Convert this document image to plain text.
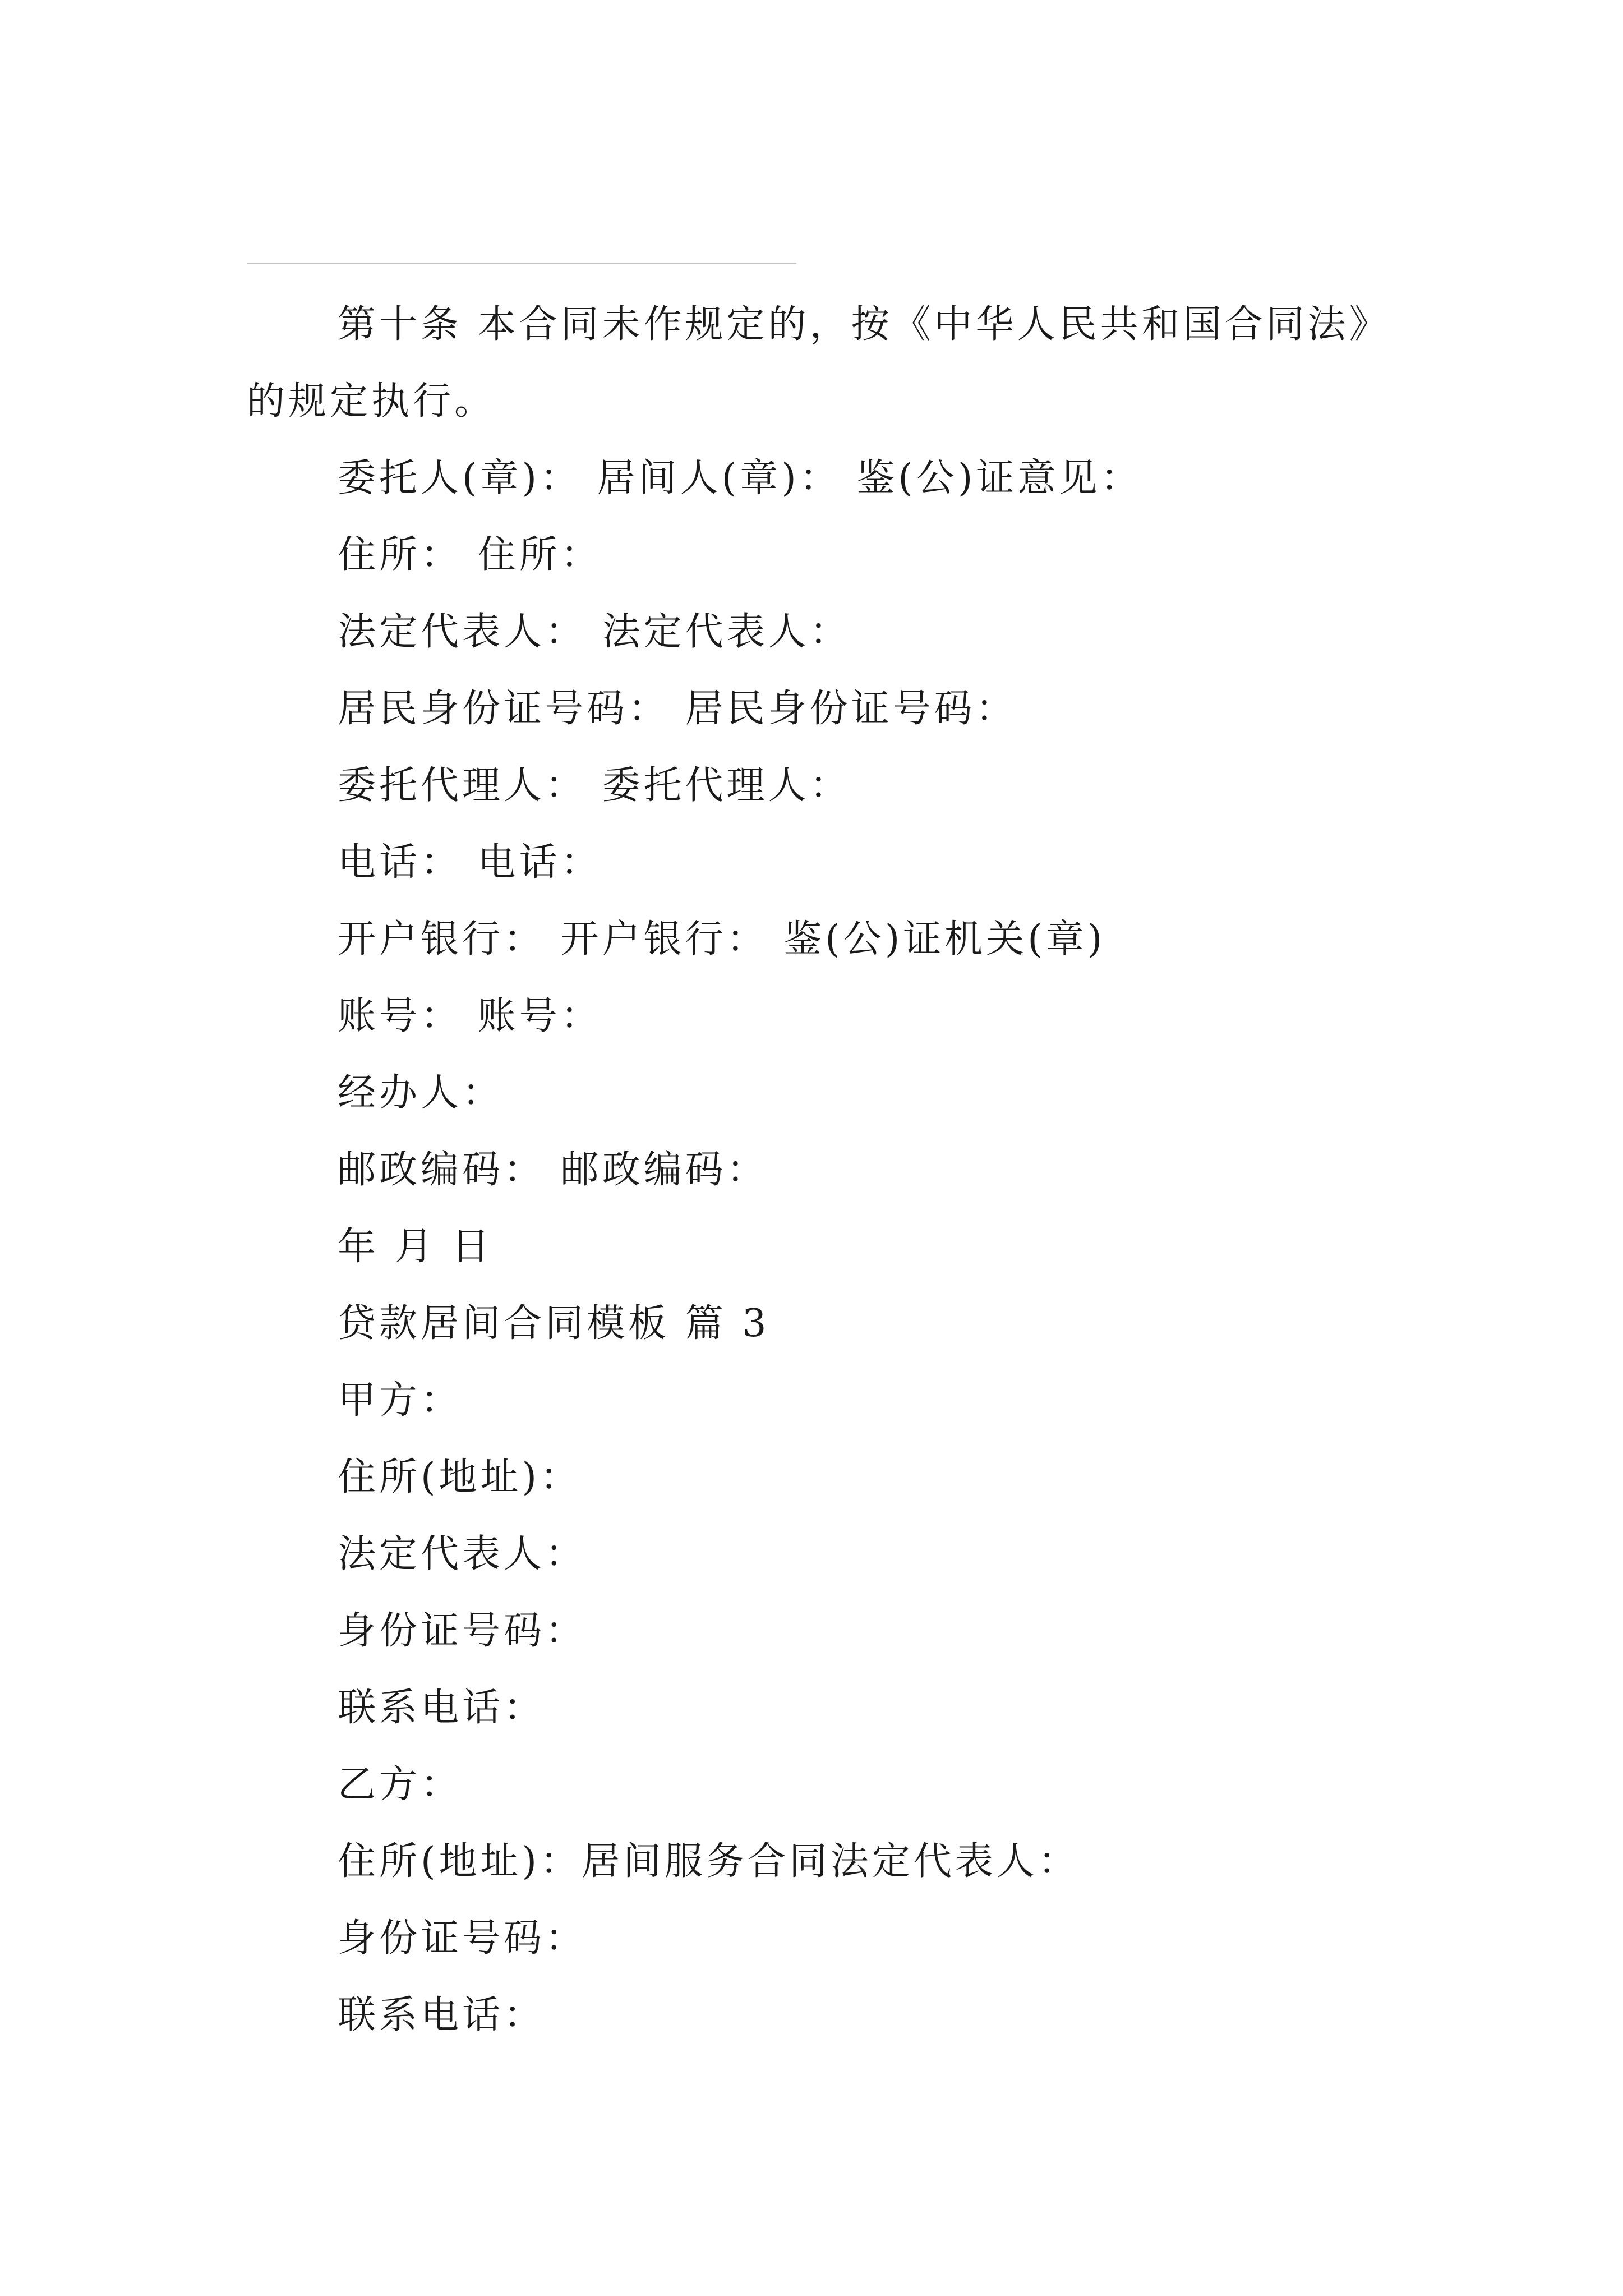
第十条 本合同未作规定的，按《中华人民共和国合同法》的规定执行。

委托人(章)： 居间人(章)： 鉴(公)证意见：

住所： 住所：

法定代表人： 法定代表人：

居民身份证号码： 居民身份证号码：

委托代理人： 委托代理人：

电话： 电话：

开户银行： 开户银行： 鉴(公)证机关(章)

账号： 账号：

经办人：

邮政编码： 邮政编码：

年 月 日

贷款居间合同模板 篇 3

甲方：

住所(地址)：

法定代表人：

身份证号码：

联系电话：

乙方：

住所(地址)：居间服务合同法定代表人：

身份证号码：

联系电话：
